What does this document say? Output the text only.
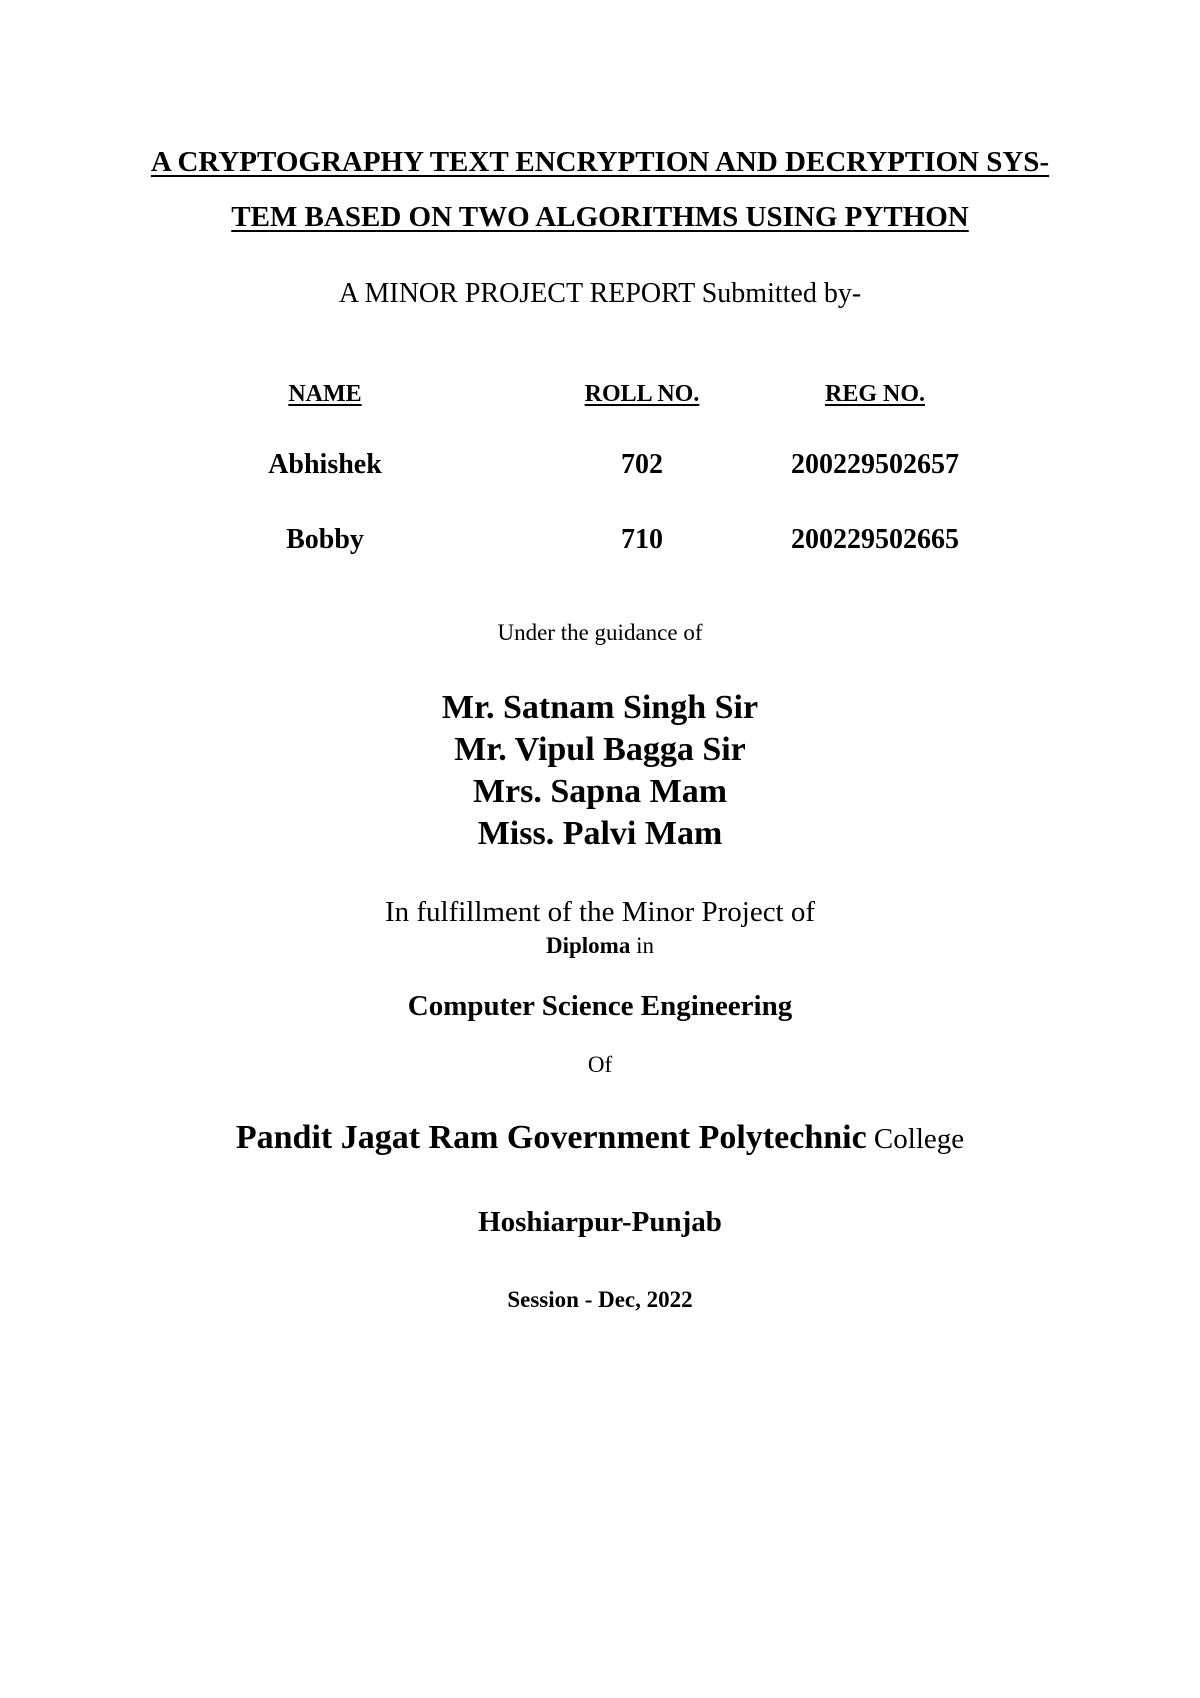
A CRYPTOGRAPHY TEXT ENCRYPTION AND DECRYPTION SYS-
TEM BASED ON TWO ALGORITHMS USING PYTHON
A MINOR PROJECT REPORT Submitted by-
NAME	ROLL NO.	REG NO.
Abhishek	702	200229502657
Bobby	710	200229502665
Under the guidance of
Mr. Satnam Singh Sir
Mr. Vipul Bagga Sir
Mrs. Sapna Mam
Miss. Palvi Mam
In fulfillment of the Minor Project of
Diploma in
Computer Science Engineering
Of
Pandit Jagat Ram Government Polytechnic College
Hoshiarpur-Punjab
Session - Dec, 2022
